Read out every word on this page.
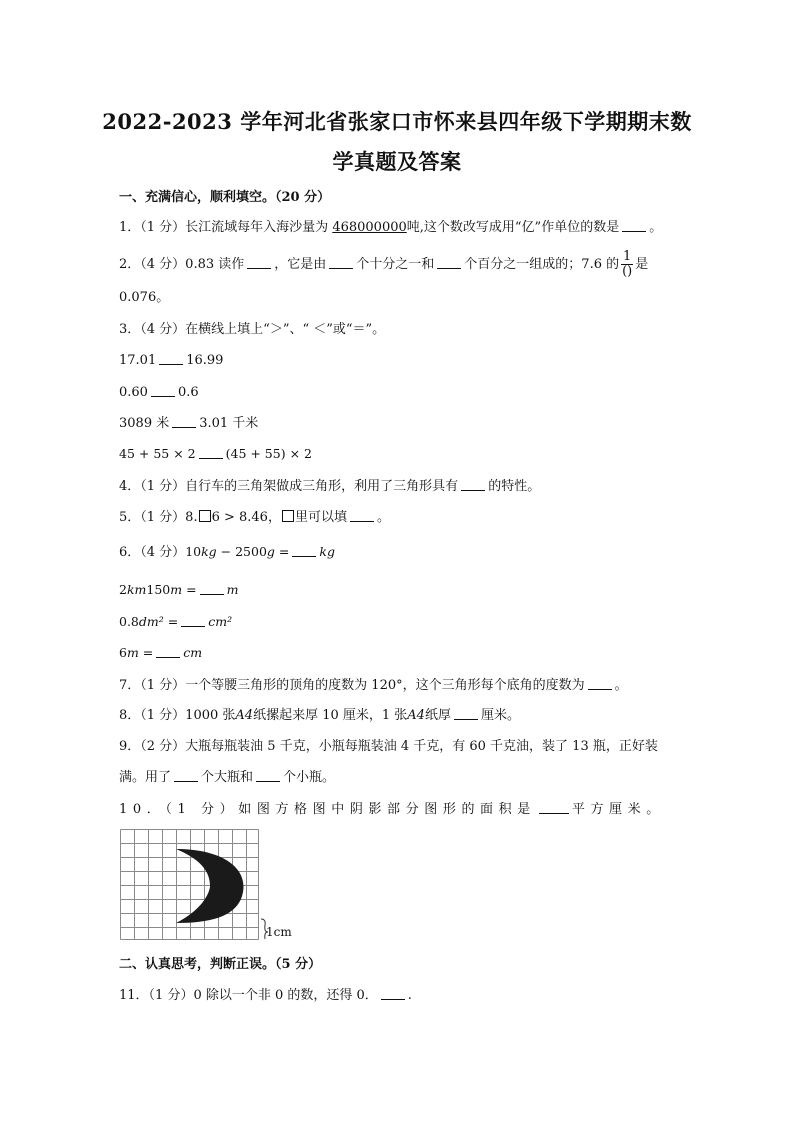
2022-2023 学年河北省张家口市怀来县四年级下学期期末数
学真题及答案
一、充满信心，顺利填空。（20 分）
1．（1 分）长江流域每年入海沙量为 468000000吨,这个数改写成用“亿”作单位的数是 。
2．（4 分）0.83 读作 ，它是由 个十分之一和 个百分之一组成的；7.6 的 $\frac{1}{()}$ 是
0.076。
3．（4 分）在横线上填上“＞”、“ ＜”或“＝”。
17.01 16.99
0.60 0.6
3089 米 3.01 千米
45 + 55 × 2 (45 + 55) × 2
4．（1 分）自行车的三角架做成三角形，利用了三角形具有 的特性。
5．（1 分）8. 6 > 8.46， 里可以填 。
6．（4 分）10kg − 2500g = kg
2km150m = m
0.8dm² = cm²
6m = cm
7．（1 分）一个等腰三角形的顶角的度数为 120°，这个三角形每个底角的度数为 。
8．（1 分）1000 张A4纸摞起来厚 10 厘米，1 张A4纸厚 厘米。
9．（2 分）大瓶每瓶装油 5 千克，小瓶每瓶装油 4 千克，有 60 千克油，装了 13 瓶，正好装
满。用了 个大瓶和 个小瓶。
10．（1 分）如图方格图中阴影部分图形的面积是	平方厘米。
1cm
二、认真思考，判断正误。（5 分）
11．（1 分）0 除以一个非 0 的数，还得 0． .
